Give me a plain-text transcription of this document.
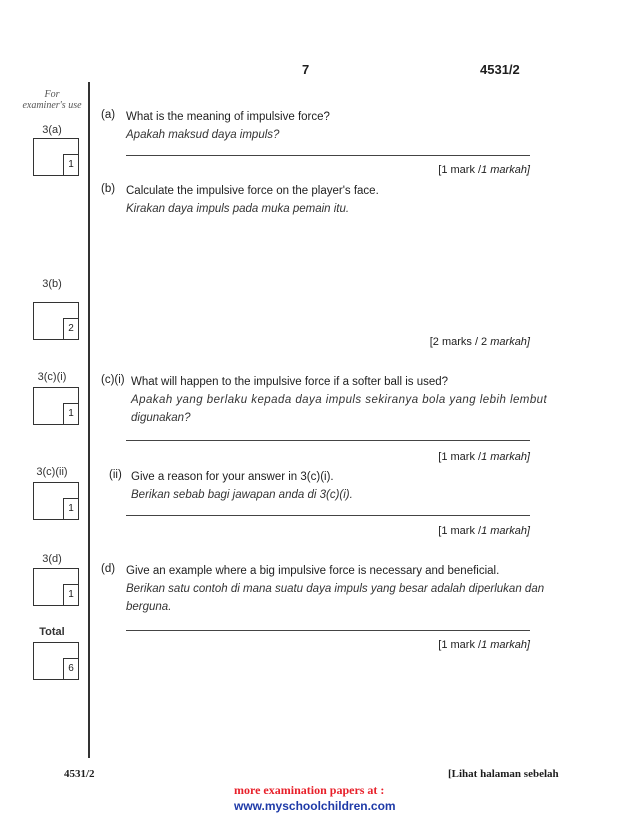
7	4531/2
For examiner's use
3(a)
1
3(b)
2
3(c)(i)
1
3(c)(ii)
1
3(d)
1
Total
6
(a) What is the meaning of impulsive force?
Apakah maksud daya impuls?
[1 mark /1 markah]
(b) Calculate the impulsive force on the player's face.
Kirakan daya impuls pada muka pemain itu.
[2 marks / 2 markah]
(c)(i) What will happen to the impulsive force if a softer ball is used?
Apakah yang berlaku kepada daya impuls sekiranya bola yang lebih lembut
digunakan?
[1 mark /1 markah]
(ii) Give a reason for your answer in 3(c)(i).
Berikan sebab bagi jawapan anda di 3(c)(i).
[1 mark /1 markah]
(d) Give an example where a big impulsive force is necessary and beneficial.
Berikan satu contoh di mana suatu daya impuls yang besar adalah diperlukan dan
berguna.
[1 mark /1 markah]
4531/2	[Lihat halaman sebelah
more examination papers at :
www.myschoolchildren.com
